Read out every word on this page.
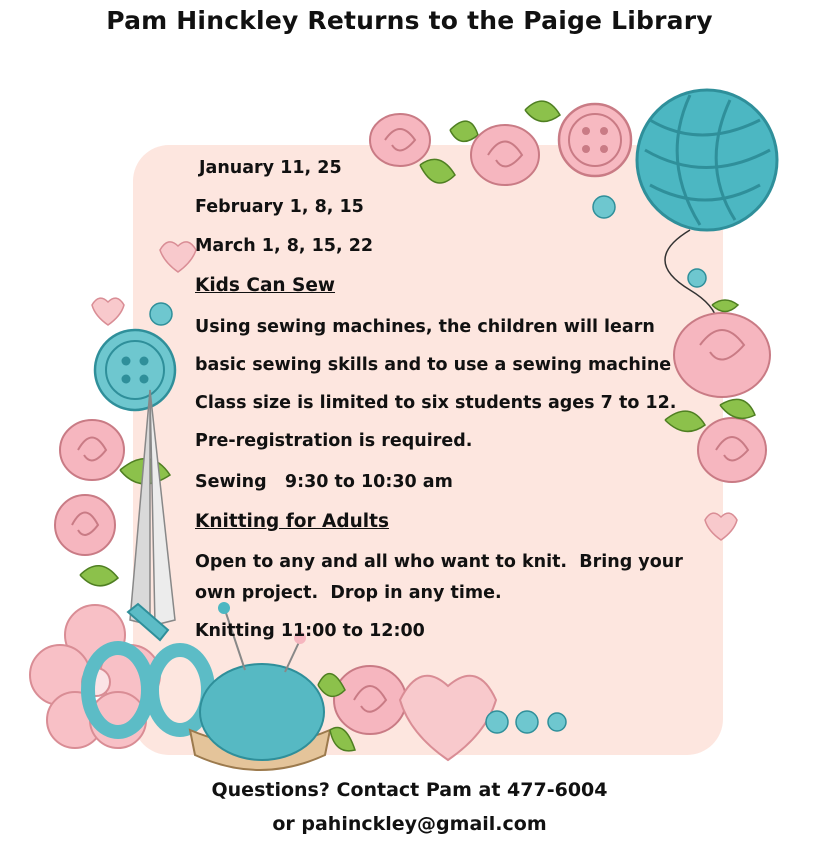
Pam Hinckley Returns to the Paige Library
January 11, 25
February 1, 8, 15
March 1, 8, 15, 22
Kids Can Sew
Using sewing machines, the children will learn
basic sewing skills and to use a sewing machine
Class size is limited to six students ages 7 to 12.
Pre-registration is required.
Sewing   9:30 to 10:30 am
Knitting for Adults
Open to any and all who want to knit.  Bring your
own project.  Drop in any time.
Knitting 11:00 to 12:00
Questions? Contact Pam at 477-6004
or pahinckley@gmail.com
